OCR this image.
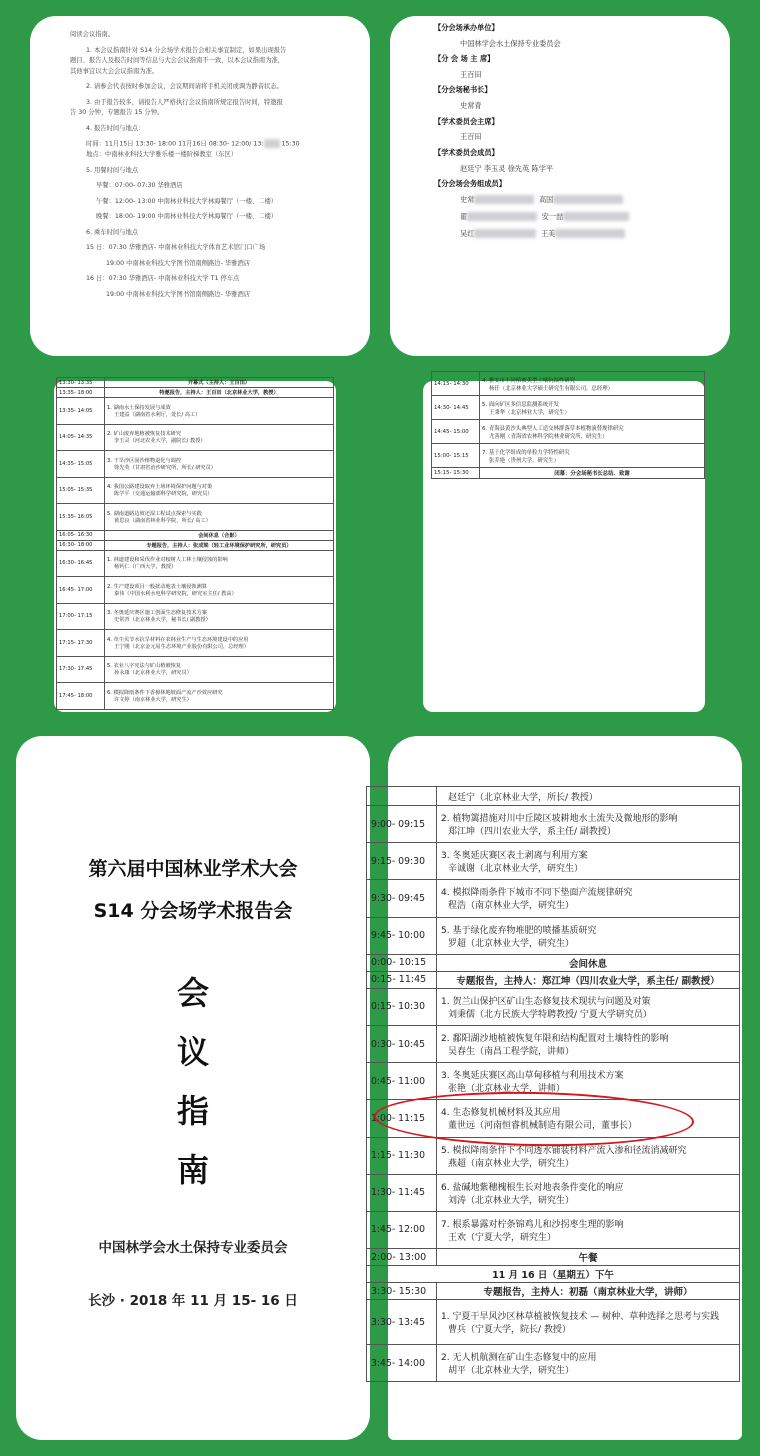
阅读会议指南。
1. 本会议指南针对 S14 分会场学术报告会相关事宜制定，如果出现报告
题目、报告人及报告时间等信息与大会会议指南不一致，以本会议指南为准，
其他事宜以大会会议指南为准。
2. 请参会代表按时参加会议，会议期间请将手机关闭或调为静音状态。
3. 由于报告较多，请报告人严格执行会议指南所规定报告时间，特邀报
告 30 分钟、专题报告 15 分钟。
4. 报告时间与地点：
时间：11月15日 13:30- 18:00 11月16日 08:30- 12:00/ 13:	15:30
地点：中南林业科技大学雅乐楼一楼阶梯教室（东区）
5. 用餐时间与地点
早餐：07:00- 07:30 华雅酒店
午餐：12:00- 13:00 中南林业科技大学林海餐厅（一楼、二楼）
晚餐：18:00- 19:00 中南林业科技大学林海餐厅（一楼、二楼）
6. 乘车时间与地点
15 日：07:30 华雅酒店- 中南林业科技大学体育艺术馆门口广场
19:00 中南林业科技大学图书馆南侧路边- 华雅酒店
16 日：07:30 华雅酒店- 中南林业科技大学 T1 停车点
19:00 中南林业科技大学图书馆南侧路边- 华雅酒店
【分会场承办单位】
中国林学会水土保持专业委员会
【分 会 场 主 席】
王百田
【分会场秘书长】
史常青
【学术委员会主席】
王百田
【学术委员会成员】
赵廷宁 李玉灵 徐先英 陈学平
【分会场会务组成员】
史常	高国
翟	安一喆
吴红	王美
13:30- 13:35	开幕式（主持人：王百田）
13:35- 18:00	特邀报告，主持人：王百田（北京林业大学，教授）
13:35- 14:05	1. 湖南水土保持发展与成效
王建益（湖南省水利厅，处长/ 高工）

14:05- 14:35	2. 矿山废弃地植被恢复技术研究
李玉灵（河北农业大学，副院长/ 教授）

14:35- 15:05	3. 干旱沙区固沙植物退化与调控
徐先英（甘肃省治沙研究所，所长/ 研究员）

15:05- 15:35	4. 我国公路建设取弃土场环境保护问题与对策
陈学平（交通运输部科学研究院，研究员）

15:35- 16:05	5. 湖南道路边坡还湿工程试点探索与实践
黄思良（湖南省林业科学院，所长/ 高工）

16:05- 16:30	会间休息（合影）
16:30- 18:00	专题报告，主持人：张成梁（轻工业环境保护研究所，研究员）
16:30- 16:45	1. 林道建设和采伐作业对桉树人工林土壤侵蚀的影响
杨钙仁（广西大学，教授）

16:45- 17:00	2. 生产建设项目一般扰动地表土壤侵蚀测算
秦伟（中国水利水电科学研究院，研究室主任/ 教高）

17:00- 17:15	3. 冬奥延庆赛区施工创面生态修复技术方案
史常青（北京林业大学，秘书长/ 副教授）

17:15- 17:30	4. 草尘贝节水抗旱材料在农林业生产与生态环境建设中的应用
王宁刚（北京金元易生态环境产业股份有限公司，总经理）

17:30- 17:45	5. 农业八字宪法与矿山植被恢复
孙永康（北京林业大学，研究员）

17:45- 18:00	6. 模拟降雨条件下香樟林地坡面产流产沙效应研究
许文婷（南京林业大学，研究生）
14:15- 14:30	4. 雅安市不同植被类型土壤抗蚀性研究
杨任（北京林业大学硕士研究生有限公司，总经理）

14:30- 14:45	5. 面向矿区多信息监测系统开发
王秉华（北京林业大学，研究生）

14:45- 15:00	6. 青海县黄沙头典型人工造交林群落草本植物演替规律研究
尤善刚（青海省农林科学院林业研究所，研究生）

15:00- 15:15	7. 基于化学组成的单粒力学特性研究
张乔艳（贵州大学，研究生）

15:15- 15:30	闭幕：分会场秘书长总结、致谢
第六届中国林业学术大会
S14 分会场学术报告会
会
议
指
南
中国林学会水土保持专业委员会
长沙 · 2018 年 11 月 15- 16 日

	赵廷宁（北京林业大学，所长/ 教授）

9:00- 09:15	2. 植物篱措施对川中丘陵区坡耕地水土流失及微地形的影响
郑江坤（四川农业大学，系主任/ 副教授）

9:15- 09:30	3. 冬奥延庆赛区表土剥离与利用方案
辛诚谢（北京林业大学，研究生）

9:30- 09:45	4. 模拟降雨条件下城市不同下垫面产流规律研究
程浩（南京林业大学，研究生）

9:45- 10:00	5. 基于绿化废弃物堆肥的喷播基质研究
罗超（北京林业大学，研究生）

0:00- 10:15	会间休息
0:15- 11:45	专题报告，主持人：郑江坤（四川农业大学，系主任/ 副教授）
0:15- 10:30	1. 贺兰山保护区矿山生态修复技术现状与问题及对策
刘秉儒（北方民族大学特聘教授/ 宁夏大学研究员）

0:30- 10:45	2. 鄱阳湖沙地植被恢复年限和结构配置对土壤特性的影响
吴春生（南昌工程学院，讲师）

0:45- 11:00	3. 冬奥延庆赛区高山草甸移植与利用技术方案
张艳（北京林业大学，讲师）

1:00- 11:15	4. 生态修复机械材料及其应用
董世远（河南恒睿机械制造有限公司，董事长）

1:15- 11:30	5. 模拟降雨条件下不同透水铺装材料产流入渗和径流消减研究
燕超（南京林业大学，研究生）

1:30- 11:45	6. 盐碱地紫穗槐根生长对地表条件变化的响应
刘涛（北京林业大学，研究生）

1:45- 12:00	7. 根系暴露对柠条锦鸡儿和沙拐枣生理的影响
王欢（宁夏大学，研究生）

2:00- 13:00	午餐
11 月 16 日（星期五）下午	
3:30- 15:30	专题报告，主持人：初磊（南京林业大学，讲师）
3:30- 13:45	1. 宁夏干旱风沙区林草植被恢复技术 — 树种、草种选择之思考与实践
曹兵（宁夏大学，院长/ 教授）

3:45- 14:00	2. 无人机航测在矿山生态修复中的应用
胡平（北京林业大学，研究生）
